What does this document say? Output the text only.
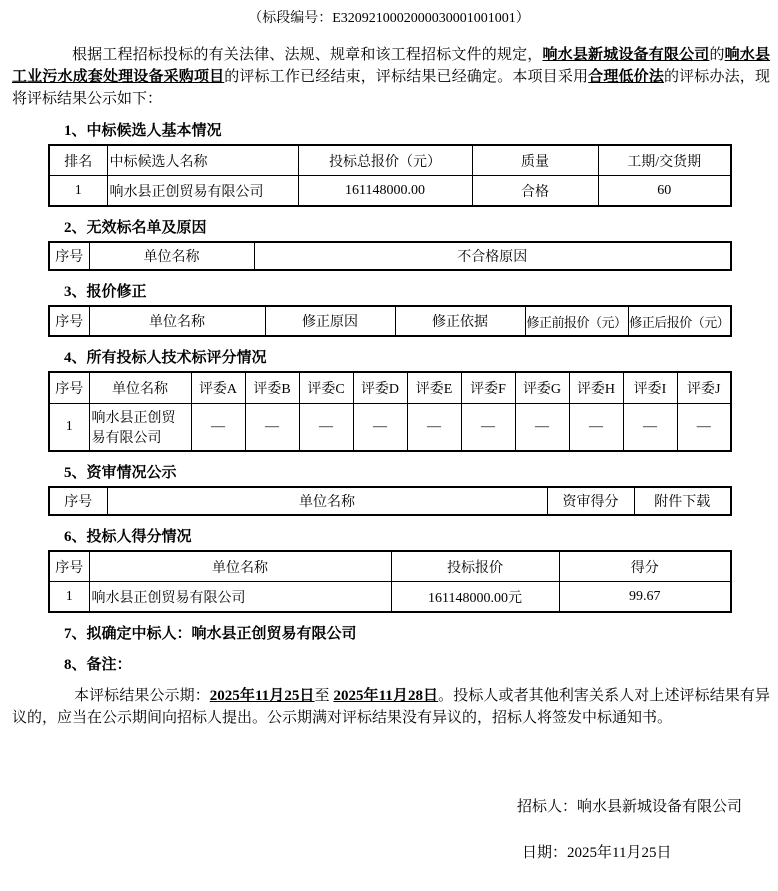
（标段编号：E3209210002000030001001001）

根据工程招标投标的有关法律、法规、规章和该工程招标文件的规定，响水县新城设备有限公司的响水县工业污水成套处理设备采购项目的评标工作已经结束，评标结果已经确定。本项目采用合理低价法的评标办法，现将评标结果公示如下：

1、中标候选人基本情况
排名	中标候选人名称	投标总报价（元）	质量	工期/交货期
1	响水县正创贸易有限公司	161148000.00	合格	60
2、无效标名单及原因
序号	单位名称	不合格原因
3、报价修正
序号	单位名称	修正原因	修正依据	修正前报价（元）	修正后报价（元）
4、所有投标人技术标评分情况
序号	单位名称	评委A	评委B	评委C	评委D	评委E	评委F	评委G	评委H	评委I	评委J
1	响水县正创贸易有限公司	—	—	—	—	—	—	—	—	—	—
5、资审情况公示
序号	单位名称	资审得分	附件下载
6、投标人得分情况
序号	单位名称	投标报价	得分
1	响水县正创贸易有限公司	161148000.00元	99.67
7、拟确定中标人：响水县正创贸易有限公司
8、备注：

本评标结果公示期：2025年11月25日至 2025年11月28日。投标人或者其他利害关系人对上述评标结果有异议的，应当在公示期间向招标人提出。公示期满对评标结果没有异议的，招标人将签发中标通知书。

招标人：响水县新城设备有限公司
日期：2025年11月25日
